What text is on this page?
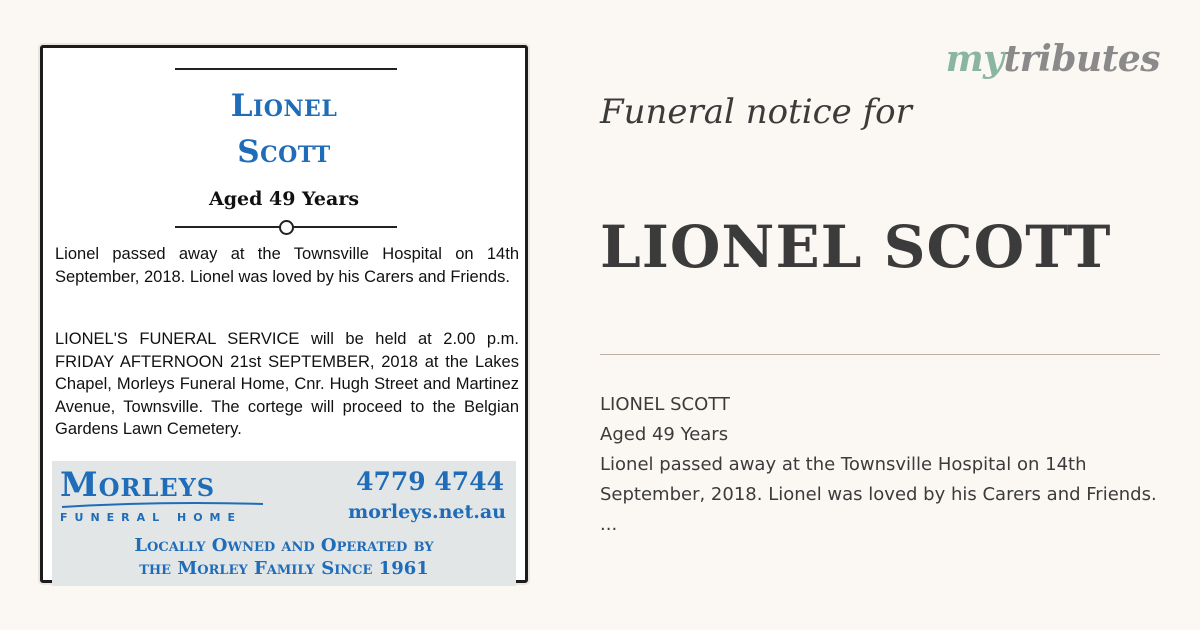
Lionel
Scott
Aged 49 Years
Lionel passed away at the Townsville Hospital on 14th September, 2018. Lionel was loved by his Carers and Friends.
LIONEL'S FUNERAL SERVICE will be held at 2.00 p.m. FRIDAY AFTERNOON 21st SEPTEMBER, 2018 at the Lakes Chapel, Morleys Funeral Home, Cnr. Hugh Street and Martinez Avenue, Townsville. The cortege will proceed to the Belgian Gardens Lawn Cemetery.
Morleys
FUNERAL HOME
4779 4744
morleys.net.au
Locally Owned and Operated by
the Morley Family Since 1961
mytributes
Funeral notice for
LIONEL SCOTT
LIONEL SCOTT
Aged 49 Years
Lionel passed away at the Townsville Hospital on 14th September, 2018. Lionel was loved by his Carers and Friends.
...
